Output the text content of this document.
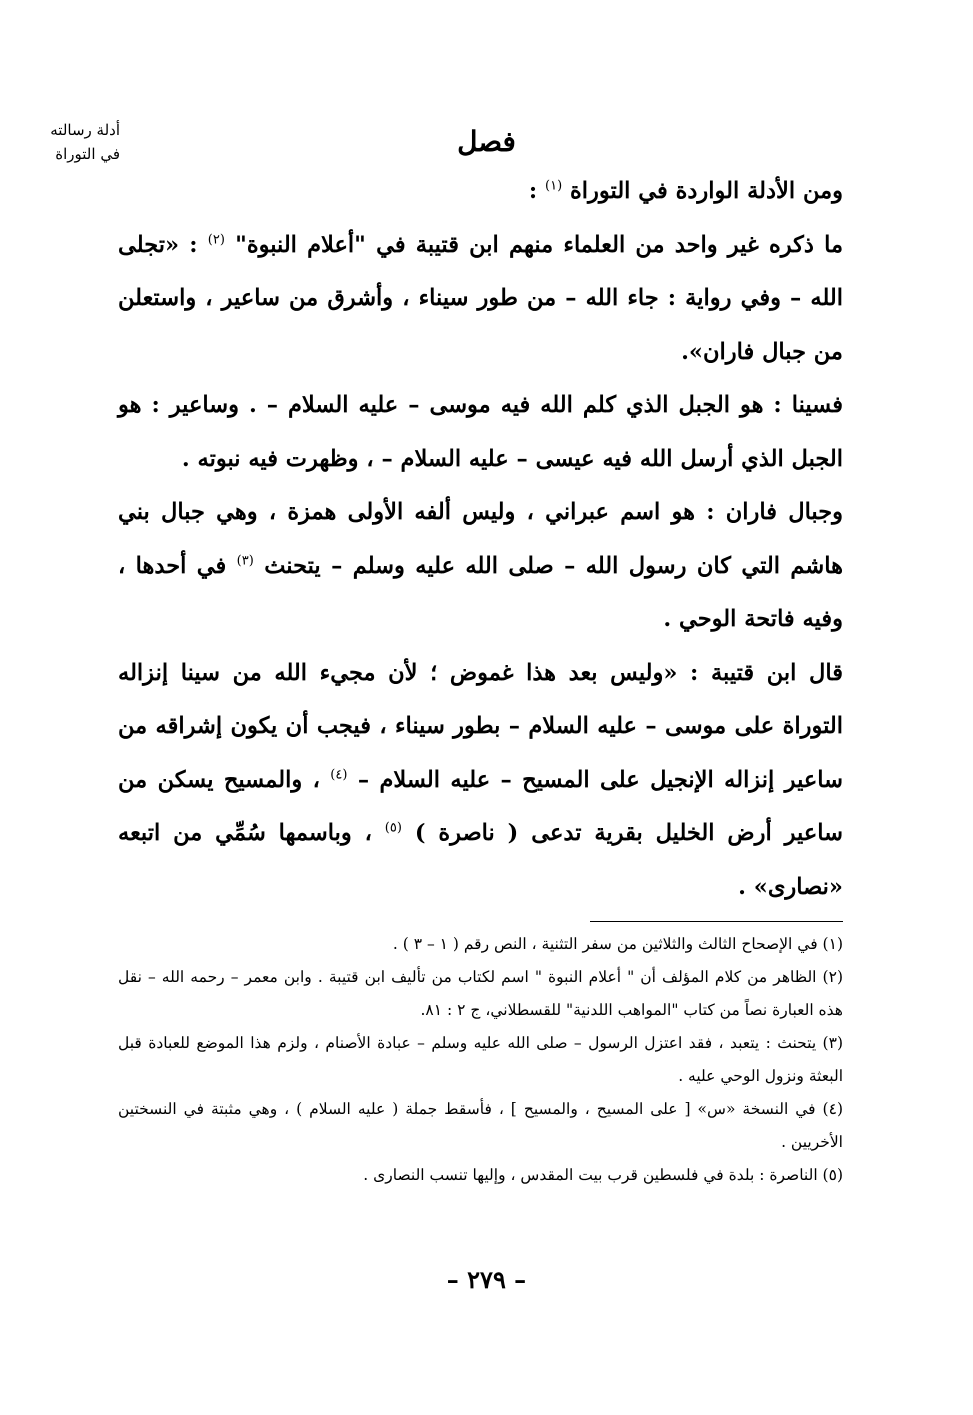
أدلة رسالته
في التوراة	فصل

ومن الأدلة الواردة في التوراة $^{(١)}$ :

ما ذكره غير واحد من العلماء منهم ابن قتيبة في "أعلام النبوة" $^{(٢)}$ : «تجلى الله – وفي رواية : جاء الله – من طور سيناء ، وأشرق من ساعير ، واستعلن من جبال فاران».

فسينا : هو الجبل الذي كلم الله فيه موسى – عليه السلام – . وساعير : هو الجبل الذي أرسل الله فيه عيسى – عليه السلام – ، وظهرت فيه نبوته .

وجبال فاران : هو اسم عبراني ، وليس ألفه الأولى همزة ، وهي جبال بني هاشم التي كان رسول الله – صلى الله عليه وسلم – يتحنث $^{(٣)}$ في أحدها ، وفيه فاتحة الوحي .

قال ابن قتيبة : «وليس بعد هذا غموض ؛ لأن مجيء الله من سينا إنزاله التوراة على موسى – عليه السلام – بطور سيناء ، فيجب أن يكون إشراقه من ساعير إنزاله الإنجيل على المسيح – عليه السلام – $^{(٤)}$ ، والمسيح يسكن من ساعير أرض الخليل بقرية تدعى ( ناصرة ) $^{(٥)}$ ، وباسمها سُمِّي من اتبعه «نصارى» .

(١) في الإصحاح الثالث والثلاثين من سفر التثنية ، النص رقم ( ١ – ٣ ) .

(٢) الظاهر من كلام المؤلف أن " أعلام النبوة " اسم لكتاب من تأليف ابن قتيبة . وابن معمر – رحمه الله – نقل هذه العبارة نصاً من كتاب "المواهب اللدنية" للقسطلاني، ج ٢ : ٨١.

(٣) يتحنث : يتعبد ، فقد اعتزل الرسول – صلى الله عليه وسلم – عبادة الأصنام ، ولزم هذا الموضع للعبادة قبل البعثة ونزول الوحي عليه .

(٤) في النسخة «س» [ على المسيح ، والمسيح ] ، فأسقط جملة ( عليه السلام ) ، وهي مثبتة في النسختين الأخريين .

(٥) الناصرة : بلدة في فلسطين قرب بيت المقدس ، وإليها تنسب النصارى .

– ٢٧٩ –
